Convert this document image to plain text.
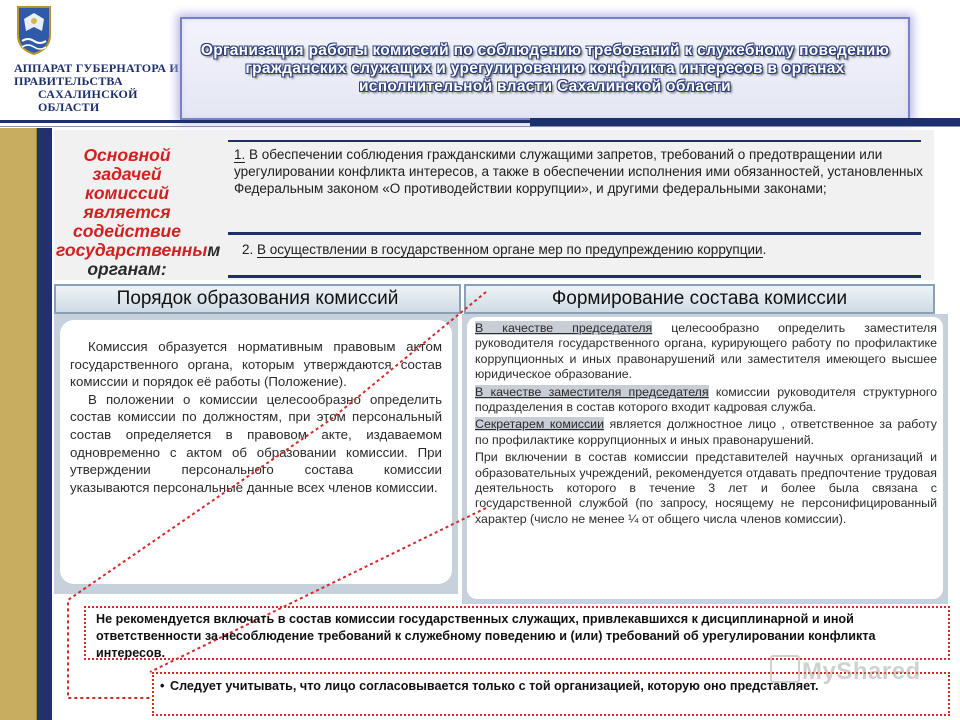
АППАРАТ ГУБЕРНАТОРА И
ПРАВИТЕЛЬСТВА
САХАЛИНСКОЙ
ОБЛАСТИ
Организация работы комиссий по соблюдению требований к служебному поведению гражданских служащих и урегулированию конфликта интересов в органах исполнительной власти Сахалинской области
Основной задачей комиссий является содействие государственным органам:
1. В обеспечении соблюдения гражданскими служащими запретов, требований о предотвращении или урегулировании конфликта интересов, а также в обеспечении исполнения ими обязанностей, установленных Федеральным законом «О противодействии коррупции», и другими федеральными законами;
2. В осуществлении в государственном органе мер по предупреждению коррупции.
Порядок образования комиссий	Формирование состава комиссии

Комиссия образуется нормативным правовым актом государственного органа, которым утверждаются состав комиссии и порядок её работы (Положение).

В положении о комиссии целесообразно определить состав комиссии по должностям, при этом персональный состав определяется в правовом акте, издаваемом одновременно с актом об образовании комиссии. При утверждении персонального состава комиссии указываются персональные данные всех членов комиссии.

В качестве председателя целесообразно определить заместителя руководителя государственного органа, курирующего работу по профилактике коррупционных и иных правонарушений или заместителя имеющего высшее юридическое образование.

В качестве заместителя председателя комиссии руководителя структурного подразделения в состав которого входит кадровая служба.

Секретарем комиссии является должностное лицо , ответственное за работу по профилактике коррупционных и иных правонарушений.

При включении в состав комиссии представителей научных организаций и образовательных учреждений, рекомендуется отдавать предпочтение трудовая деятельность которого в течение 3 лет и более была связана с государственной службой (по запросу, носящему не персонифицированный характер (число не менее ¼ от общего числа членов комиссии).

Не рекомендуется включать в состав комиссии государственных служащих, привлекавшихся к дисциплинарной и иной ответственности за несоблюдение требований к служебному поведению и (или) требований об урегулировании конфликта интересов.
• Следует учитывать, что лицо согласовывается только с той организацией, которую оно представляет.
MyShared
